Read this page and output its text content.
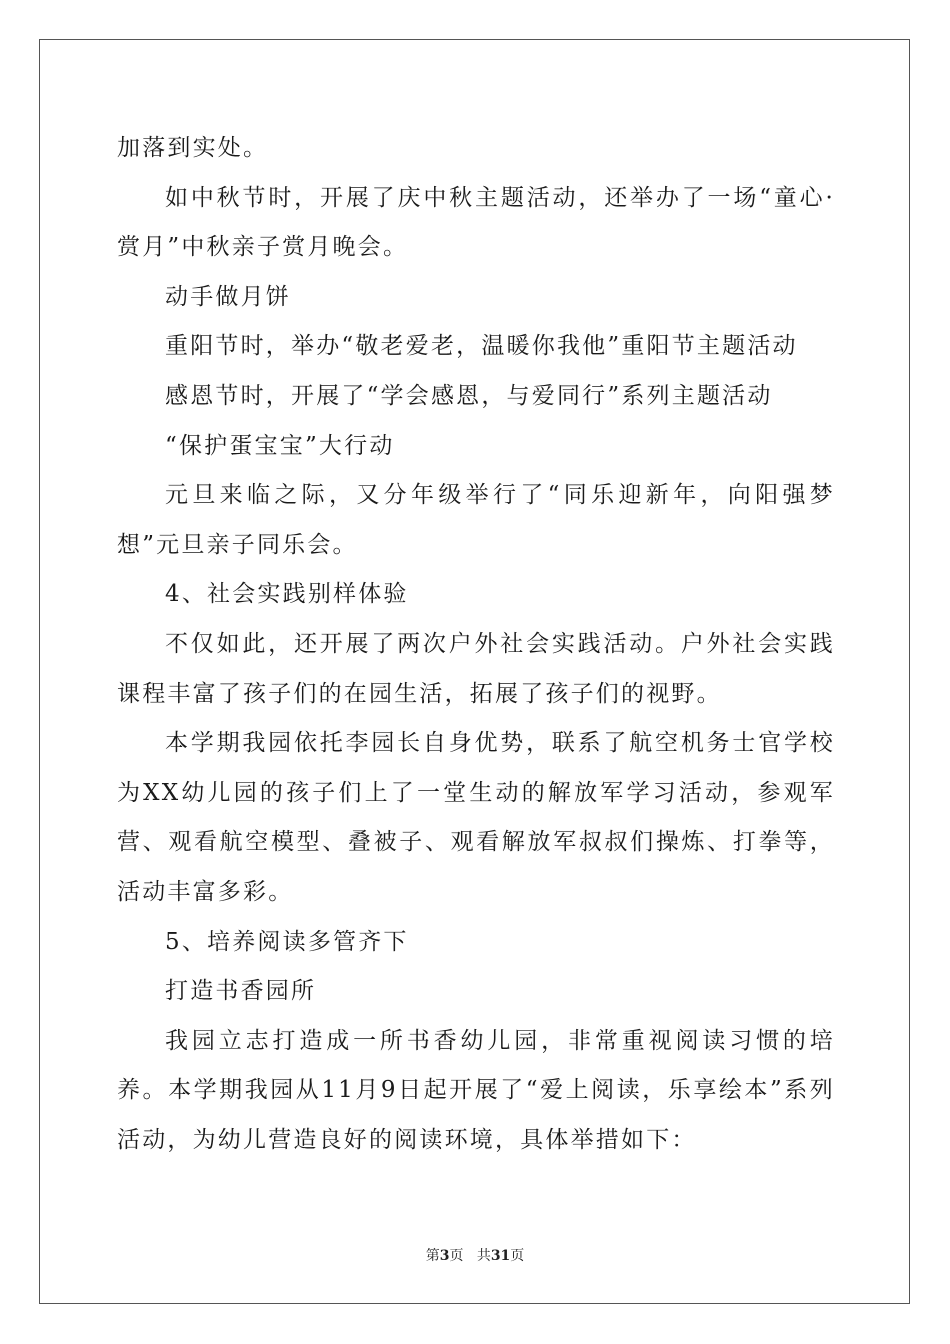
加落到实处。

如中秋节时，开展了庆中秋主题活动，还举办了一场“童心·赏月”中秋亲子赏月晚会。

动手做月饼

重阳节时，举办“敬老爱老，温暖你我他”重阳节主题活动

感恩节时，开展了“学会感恩，与爱同行”系列主题活动

“保护蛋宝宝”大行动

元旦来临之际，又分年级举行了“同乐迎新年，向阳强梦想”元旦亲子同乐会。

4、社会实践别样体验

不仅如此，还开展了两次户外社会实践活动。户外社会实践课程丰富了孩子们的在园生活，拓展了孩子们的视野。

本学期我园依托李园长自身优势，联系了航空机务士官学校为XX幼儿园的孩子们上了一堂生动的解放军学习活动，参观军营、观看航空模型、叠被子、观看解放军叔叔们操炼、打拳等，活动丰富多彩。

5、培养阅读多管齐下

打造书香园所

我园立志打造成一所书香幼儿园，非常重视阅读习惯的培养。本学期我园从11月9日起开展了“爱上阅读，乐享绘本”系列活动，为幼儿营造良好的阅读环境，具体举措如下：

第3页 共31页
